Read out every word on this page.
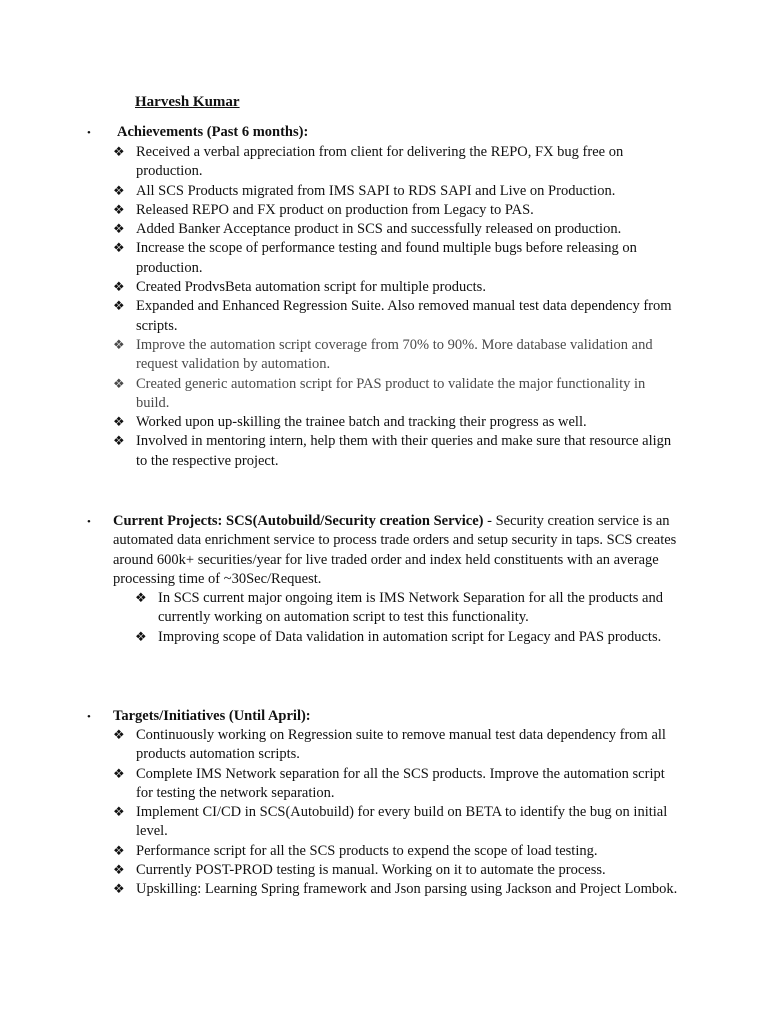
Harvesh Kumar
• Achievements (Past 6 months):
❖ Received a verbal appreciation from client for delivering the REPO, FX bug free on production.
❖ All SCS Products migrated from IMS SAPI to RDS SAPI and Live on Production.
❖ Released REPO and FX product on production from Legacy to PAS.
❖ Added Banker Acceptance product in SCS and successfully released on production.
❖ Increase the scope of performance testing and found multiple bugs before releasing on production.
❖ Created ProdvsBeta automation script for multiple products.
❖ Expanded and Enhanced Regression Suite. Also removed manual test data dependency from scripts.
❖ Improve the automation script coverage from 70% to 90%. More database validation and request validation by automation.
❖ Created generic automation script for PAS product to validate the major functionality in build.
❖ Worked upon up-skilling the trainee batch and tracking their progress as well.
❖ Involved in mentoring intern, help them with their queries and make sure that resource align to the respective project.
• Current Projects: SCS(Autobuild/Security creation Service) - Security creation service is an automated data enrichment service to process trade orders and setup security in taps. SCS creates around 600k+ securities/year for live traded order and index held constituents with an average processing time of ~30Sec/Request.
❖ In SCS current major ongoing item is IMS Network Separation for all the products and currently working on automation script to test this functionality.
❖ Improving scope of Data validation in automation script for Legacy and PAS products.
• Targets/Initiatives (Until April):
❖ Continuously working on Regression suite to remove manual test data dependency from all products automation scripts.
❖ Complete IMS Network separation for all the SCS products. Improve the automation script for testing the network separation.
❖ Implement CI/CD in SCS(Autobuild) for every build on BETA to identify the bug on initial level.
❖ Performance script for all the SCS products to expend the scope of load testing.
❖ Currently POST-PROD testing is manual. Working on it to automate the process.
❖ Upskilling: Learning Spring framework and Json parsing using Jackson and Project Lombok.
